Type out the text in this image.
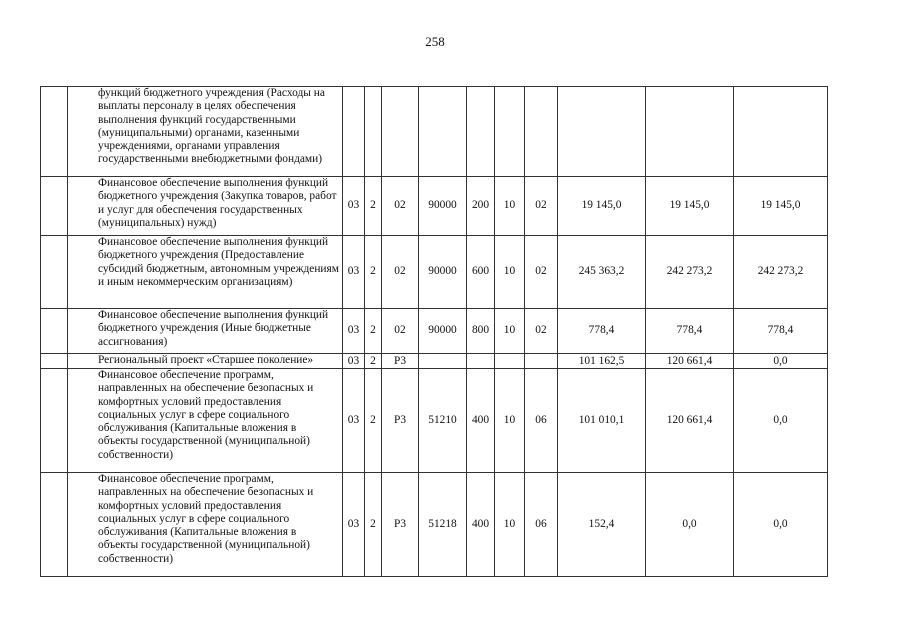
258
	функций бюджетного учреждения (Расходы на выплаты персоналу в целях обеспечения выполнения функций государственными (муниципальными) органами, казенными учреждениями, органами управления государственными внебюджетными фондами)										
	Финансовое обеспечение выполнения функций бюджетного учреждения (Закупка товаров, работ и услуг для обеспечения государственных (муниципальных) нужд)	03	2	02	90000	200	10	02	19 145,0	19 145,0	19 145,0
	Финансовое обеспечение выполнения функций бюджетного учреждения (Предоставление субсидий бюджетным, автономным учреждениям и иным некоммерческим организациям)	03	2	02	90000	600	10	02	245 363,2	242 273,2	242 273,2
	Финансовое обеспечение выполнения функций бюджетного учреждения (Иные бюджетные ассигнования)	03	2	02	90000	800	10	02	778,4	778,4	778,4
	Региональный проект «Старшее поколение»	03	2	P3					101 162,5	120 661,4	0,0
	Финансовое обеспечение программ, направленных на обеспечение безопасных и комфортных условий предоставления социальных услуг в сфере социального обслуживания (Капитальные вложения в объекты государственной (муниципальной) собственности)	03	2	P3	51210	400	10	06	101 010,1	120 661,4	0,0
	Финансовое обеспечение программ, направленных на обеспечение безопасных и комфортных условий предоставления социальных услуг в сфере социального обслуживания (Капитальные вложения в объекты государственной (муниципальной) собственности)	03	2	P3	51218	400	10	06	152,4	0,0	0,0
